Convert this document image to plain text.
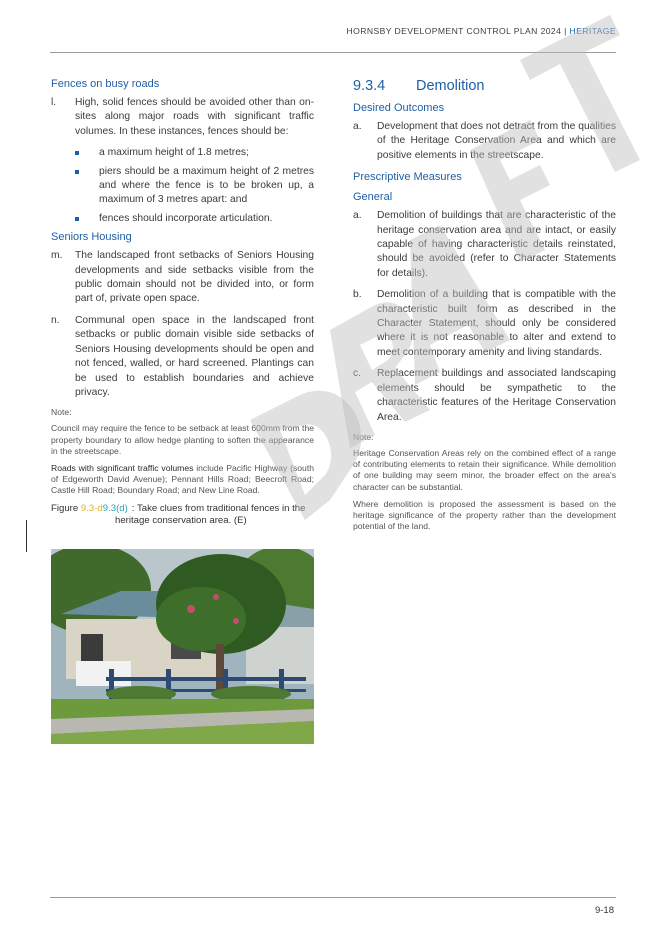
HORNSBY DEVELOPMENT CONTROL PLAN 2024 | HERITAGE
Fences on busy roads
l.	High, solid fences should be avoided other than on-sites along major roads with significant traffic volumes. In these instances, fences should be:
a maximum height of 1.8 metres;
piers should be a maximum height of 2 metres and where the fence is to be broken up, a maximum of 3 metres apart: and
fences should incorporate articulation.
Seniors Housing
m.	The landscaped front setbacks of Seniors Housing developments and side setbacks visible from the public domain should not be divided into, or form part of, private open space.
n.	Communal open space in the landscaped front setbacks or public domain visible side setbacks of Seniors Housing developments should be open and not fenced, walled, or hard screened. Plantings can be used to establish boundaries and achieve privacy.
Note:
Council may require the fence to be setback at least 600mm from the property boundary to allow hedge planting to soften the appearance in the streetscape.
Roads with significant traffic volumes include Pacific Highway (south of Edgeworth David Avenue); Pennant Hills Road; Beecroft Road; Castle Hill Road; Boundary Road; and New Line Road.
Figure 9.3-d9.3(d) : Take clues from traditional fences in the
heritage conservation area. (E)
9.3.4	Demolition
Desired Outcomes
a.	Development that does not detract from the qualities of the Heritage Conservation Area and which are positive elements in the streetscape.
Prescriptive Measures
General
a.	Demolition of buildings that are characteristic of the heritage conservation area and are intact, or easily capable of having characteristic details reinstated, should be avoided (refer to Character Statements for details).
b.	Demolition of a building that is compatible with the characteristic built form as described in the Character Statement, should only be considered where it is not reasonable to alter and extend to meet contemporary amenity and living standards.
c.	Replacement buildings and associated landscaping elements should be sympathetic to the characteristic features of the Heritage Conservation Area.
Note:
Heritage Conservation Areas rely on the combined effect of a range of contributing elements to retain their significance. While demolition of one building may seem minor, the broader effect on the area's character can be substantial.
Where demolition is proposed the assessment is based on the heritage significance of the property rather than the development potential of the land.
9-18
